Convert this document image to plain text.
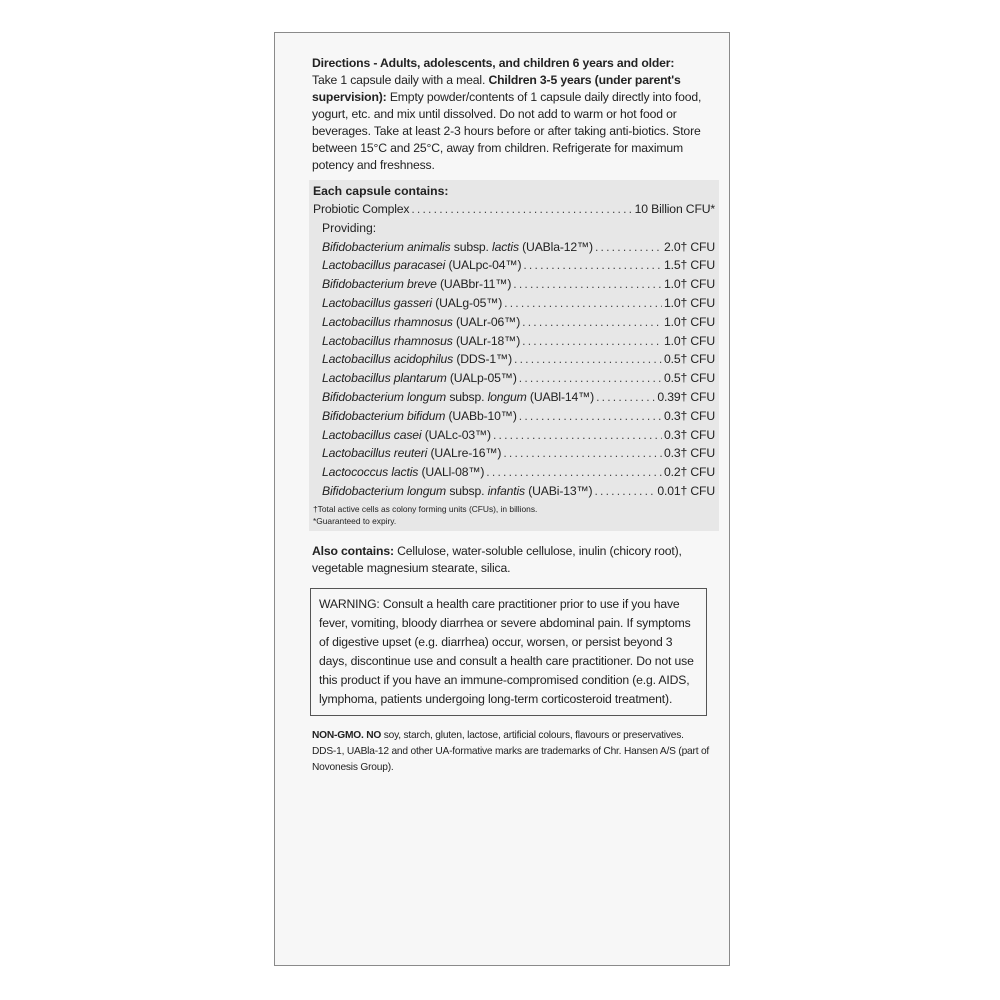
Directions - Adults, adolescents, and children 6 years and older:
Take 1 capsule daily with a meal. Children 3-5 years (under parent's supervision): Empty powder/contents of 1 capsule daily directly into food, yogurt, etc. and mix until dissolved. Do not add to warm or hot food or beverages. Take at least 2-3 hours before or after taking anti-biotics. Store between 15°C and 25°C, away from children. Refrigerate for maximum potency and freshness.

Each capsule contains:
Probiotic Complex . . .	10 Billion CFU*
Providing:
Bifidobacterium animalis subsp. lactis (UABla-12™) . . .	2.0† CFU
Lactobacillus paracasei (UALpc-04™) . . .	1.5† CFU
Bifidobacterium breve (UABbr-11™) . . .	1.0† CFU
Lactobacillus gasseri (UALg-05™) . . .	1.0† CFU
Lactobacillus rhamnosus (UALr-06™) . . .	1.0† CFU
Lactobacillus rhamnosus (UALr-18™) . . .	1.0† CFU
Lactobacillus acidophilus (DDS-1™) . . .	0.5† CFU
Lactobacillus plantarum (UALp-05™) . . .	0.5† CFU
Bifidobacterium longum subsp. longum (UABl-14™) . . .	0.39† CFU
Bifidobacterium bifidum (UABb-10™) . . .	0.3† CFU
Lactobacillus casei (UALc-03™) . . .	0.3† CFU
Lactobacillus reuteri (UALre-16™) . . .	0.3† CFU
Lactococcus lactis (UALl-08™) . . .	0.2† CFU
Bifidobacterium longum subsp. infantis (UABi-13™) . . .	0.01† CFU
†Total active cells as colony forming units (CFUs), in billions.
*Guaranteed to expiry.
Also contains: Cellulose, water-soluble cellulose, inulin (chicory root), vegetable magnesium stearate, silica.
WARNING: Consult a health care practitioner prior to use if you have fever, vomiting, bloody diarrhea or severe abdominal pain. If symptoms of digestive upset (e.g. diarrhea) occur, worsen, or persist beyond 3 days, discontinue use and consult a health care practitioner. Do not use this product if you have an immune-compromised condition (e.g. AIDS, lymphoma, patients undergoing long-term corticosteroid treatment).
NON-GMO. NO soy, starch, gluten, lactose, artificial colours, flavours or preservatives.
DDS-1, UABla-12 and other UA-formative marks are trademarks of Chr. Hansen A/S (part of Novonesis Group).
